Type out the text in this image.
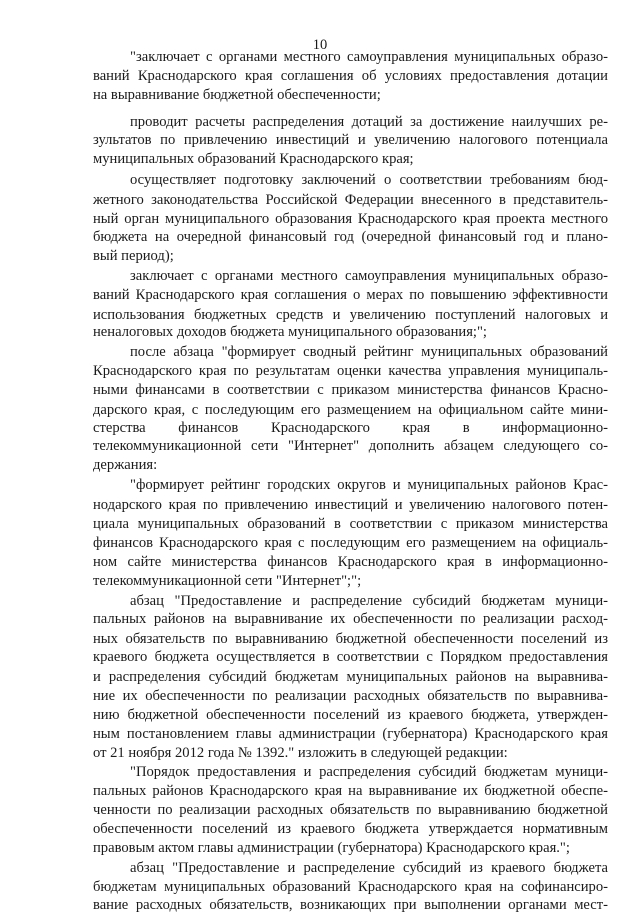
10
"заключает с органами местного самоуправления муниципальных образо-
ваний Краснодарского края соглашения об условиях предоставления дотации
на выравнивание бюджетной обеспеченности;
проводит расчеты распределения дотаций за достижение наилучших ре-
зультатов по привлечению инвестиций и увеличению налогового потенциала
муниципальных образований Краснодарского края;
осуществляет подготовку заключений о соответствии требованиям бюд-
жетного законодательства Российской Федерации внесенного в представитель-
ный орган муниципального образования Краснодарского края проекта местного
бюджета на очередной финансовый год (очередной финансовый год и плано-
вый период);
заключает с органами местного самоуправления муниципальных образо-
ваний Краснодарского края соглашения о мерах по повышению эффективности
использования бюджетных средств и увеличению поступлений налоговых и
неналоговых доходов бюджета муниципального образования;";
после абзаца "формирует сводный рейтинг муниципальных образований
Краснодарского края по результатам оценки качества управления муниципаль-
ными финансами в соответствии с приказом министерства финансов Красно-
дарского края, с последующим его размещением на официальном сайте мини-
стерства финансов Краснодарского края в информационно-
телекоммуникационной сети "Интернет" дополнить абзацем следующего со-
держания:
"формирует рейтинг городских округов и муниципальных районов Крас-
нодарского края по привлечению инвестиций и увеличению налогового потен-
циала муниципальных образований в соответствии с приказом министерства
финансов Краснодарского края с последующим его размещением на официаль-
ном сайте министерства финансов Краснодарского края в информационно-
телекоммуникационной сети "Интернет";";
абзац "Предоставление и распределение субсидий бюджетам муници-
пальных районов на выравнивание их обеспеченности по реализации расход-
ных обязательств по выравниванию бюджетной обеспеченности поселений из
краевого бюджета осуществляется в соответствии с Порядком предоставления
и распределения субсидий бюджетам муниципальных районов на выравнива-
ние их обеспеченности по реализации расходных обязательств по выравнива-
нию бюджетной обеспеченности поселений из краевого бюджета, утвержден-
ным постановлением главы администрации (губернатора) Краснодарского края
от 21 ноября 2012 года № 1392." изложить в следующей редакции:
"Порядок предоставления и распределения субсидий бюджетам муници-
пальных районов Краснодарского края на выравнивание их бюджетной обеспе-
ченности по реализации расходных обязательств по выравниванию бюджетной
обеспеченности поселений из краевого бюджета утверждается нормативным
правовым актом главы администрации (губернатора) Краснодарского края.";
абзац "Предоставление и распределение субсидий из краевого бюджета
бюджетам муниципальных образований Краснодарского края на софинансиро-
вание расходных обязательств, возникающих при выполнении органами мест-
